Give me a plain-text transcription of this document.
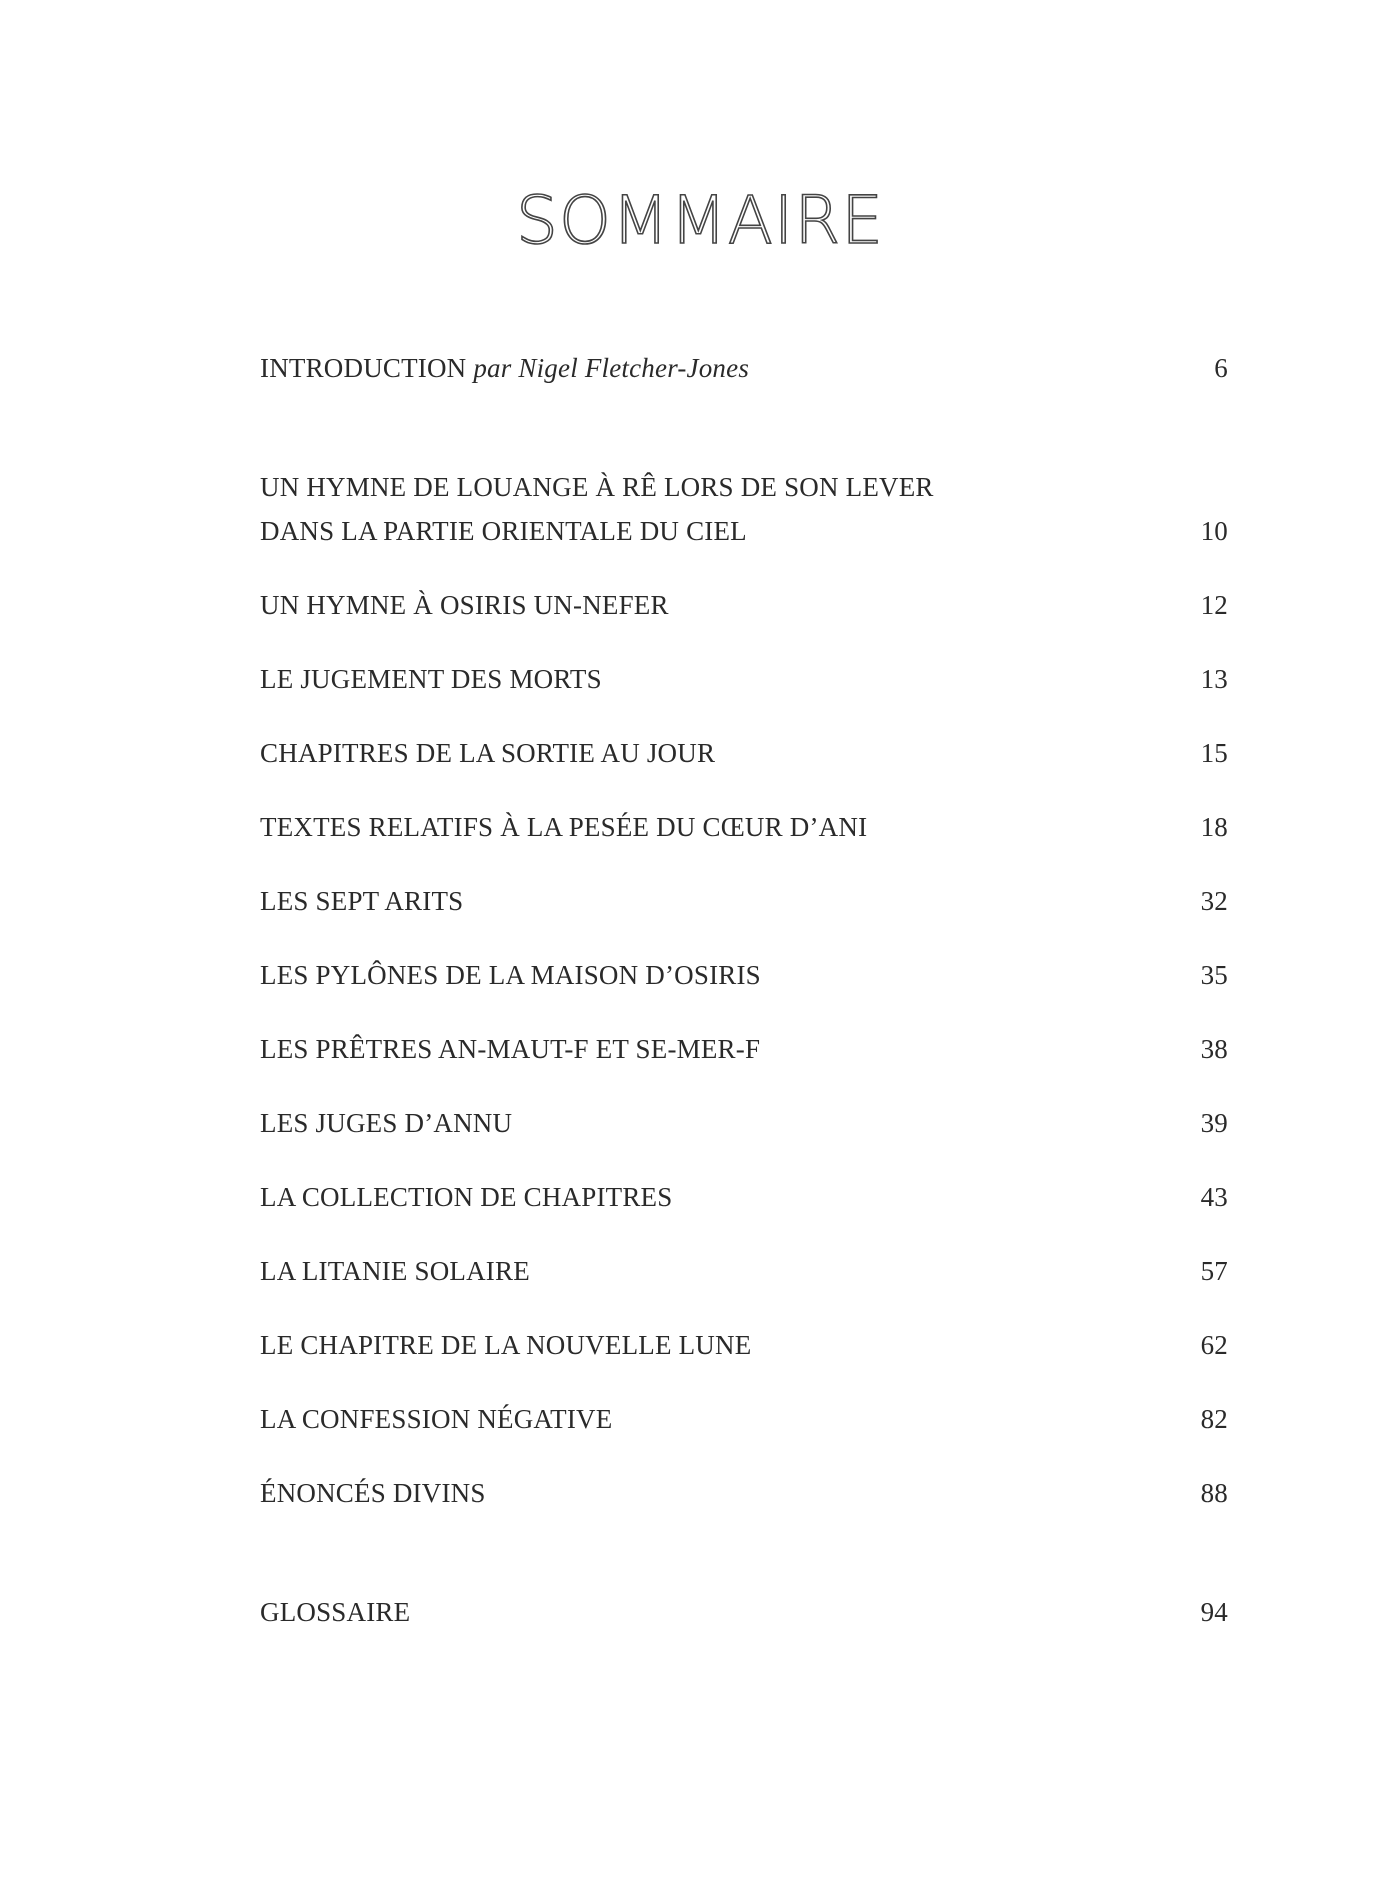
SOMMAIRE
INTRODUCTION par Nigel Fletcher-Jones	6
UN HYMNE DE LOUANGE À RÊ LORS DE SON LEVER
DANS LA PARTIE ORIENTALE DU CIEL	10
UN HYMNE À OSIRIS UN-NEFER	12
LE JUGEMENT DES MORTS	13
CHAPITRES DE LA SORTIE AU JOUR	15
TEXTES RELATIFS À LA PESÉE DU CŒUR D’ANI	18
LES SEPT ARITS	32
LES PYLÔNES DE LA MAISON D’OSIRIS	35
LES PRÊTRES AN-MAUT-F ET SE-MER-F	38
LES JUGES D’ANNU	39
LA COLLECTION DE CHAPITRES	43
LA LITANIE SOLAIRE	57
LE CHAPITRE DE LA NOUVELLE LUNE	62
LA CONFESSION NÉGATIVE	82
ÉNONCÉS DIVINS	88
GLOSSAIRE	94
